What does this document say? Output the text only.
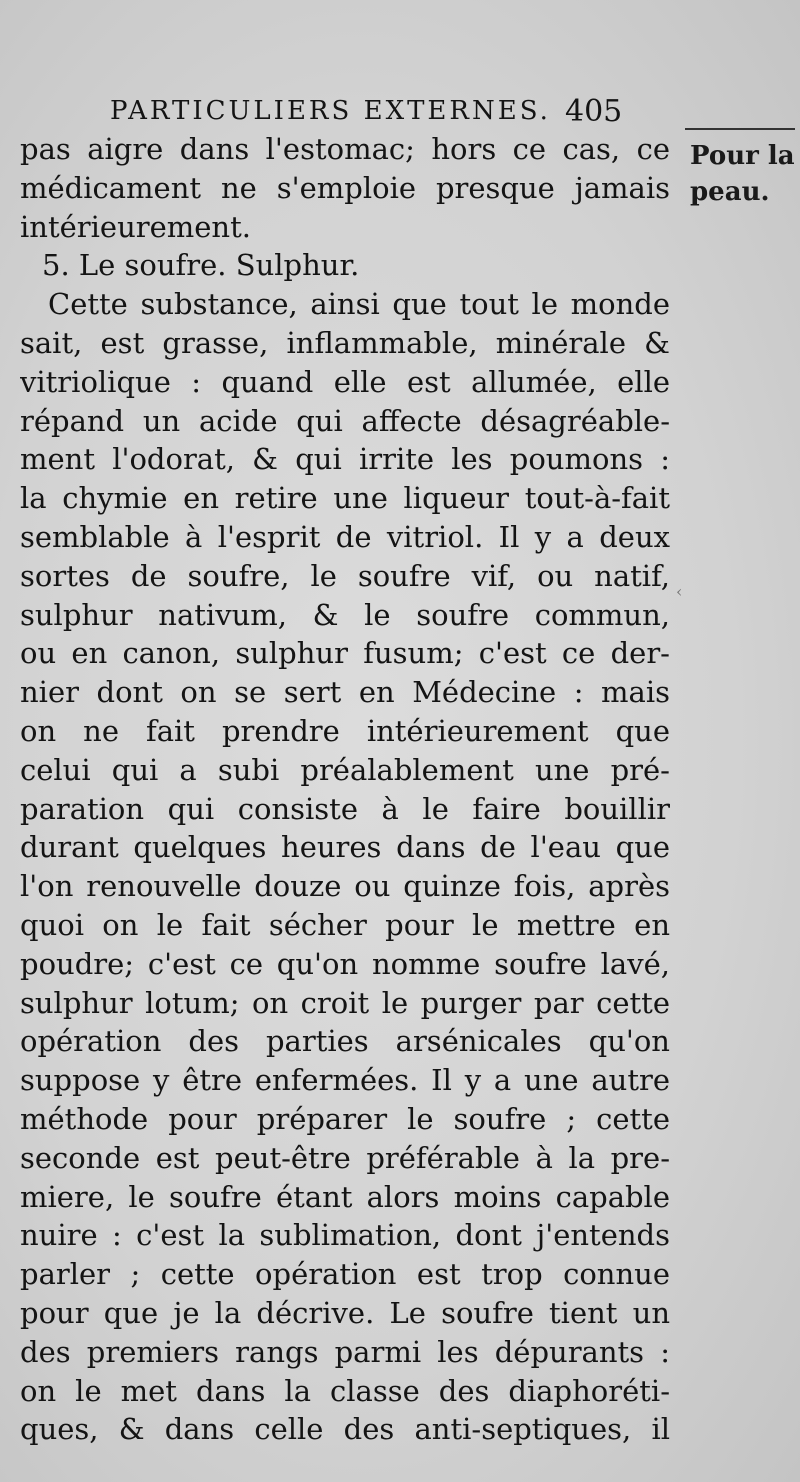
PARTICULIERS EXTERNES. 405
Pour la
peau.
‹
pas aigre dans l'estomac; hors ce cas, ce
médicament ne s'emploie presque jamais
intérieurement.
5. Le soufre. Sulphur.
Cette substance, ainsi que tout le monde
sait, est grasse, inflammable, minérale &
vitriolique : quand elle est allumée, elle
répand un acide qui affecte désagréable-
ment l'odorat, & qui irrite les poumons :
la chymie en retire une liqueur tout-à-fait
semblable à l'esprit de vitriol. Il y a deux
sortes de soufre, le soufre vif, ou natif,
sulphur nativum, & le soufre commun,
ou en canon, sulphur fusum; c'est ce der-
nier dont on se sert en Médecine : mais
on ne fait prendre intérieurement que
celui qui a subi préalablement une pré-
paration qui consiste à le faire bouillir
durant quelques heures dans de l'eau que
l'on renouvelle douze ou quinze fois, après
quoi on le fait sécher pour le mettre en
poudre; c'est ce qu'on nomme soufre lavé,
sulphur lotum; on croit le purger par cette
opération des parties arsénicales qu'on
suppose y être enfermées. Il y a une autre
méthode pour préparer le soufre ; cette
seconde est peut-être préférable à la pre-
miere, le soufre étant alors moins capable
nuire : c'est la sublimation, dont j'entends
parler ; cette opération est trop connue
pour que je la décrive. Le soufre tient un
des premiers rangs parmi les dépurants :
on le met dans la classe des diaphoréti-
ques, & dans celle des anti-septiques, il
